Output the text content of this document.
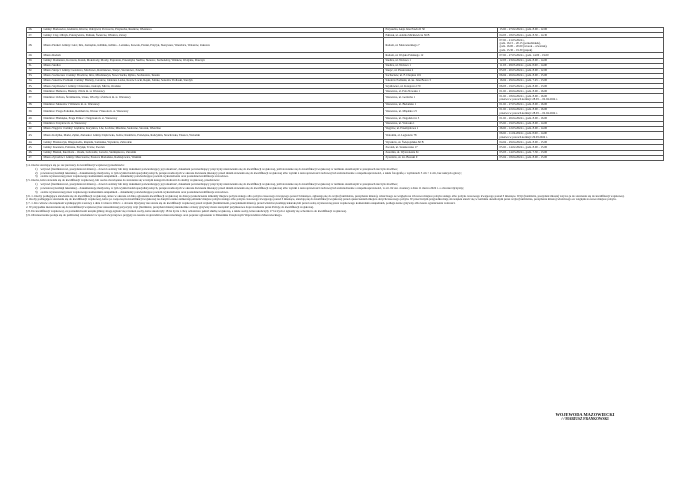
26.	Gminy: Borkowice, Gielniów, Klwów, Odrzywół, Potworów, Przysucha, Rusinów, Wieniawa	Przysucha, Aleja Jana Pawła II 50	15.02 – 27.02.2024 r., godz. 8.00 – 12.00
27.	Gminy: Cisy, Olbryk, Pokrzywnica, Pułtusk, Świercze, Winnica, Zatory	Pułtusk, ul. Adama Mickiewicza 36 B	04.03 – 18.03.2024 r., godz. 8.30 – 14.30
28.	Miasto Pionki i Gminy: Głoć, Iłża, Jastrzębia, Jedlińsk, Jedlnia – Letnisko, Kowala, Pionki, Przytyk, Skaryszew, Wierzbica, Wolanów, Zakrzew	Radom, ul. Mazowieckiego 7	07.02 – 21.03.2024 r.,
godz. 16.15 – 20.15 (poniedziałek),
godz. 16.00 – 20.00 (wtorek – czwartek),
godz. 15.30 – 19.30 (piątek)
29.	Miasto Radom	Radom, ul. Wojska Polskiego 12	07.02 – 27.03.2024 r., godz. 14.00 – 19.00
30.	Gminy: Domanice, Korczew, Kotuń, Mokobody, Mordy, Paprotnia, Przesmyki, Siedlce, Skórzec, Suchożebry, Wiśniew, Wodynie, Zbuczyn	Siedlce, ul. Wołowa 1	12.03 – 23.04.2024 r., godz. 8.00 – 14.00
31.	Miasto Siedlce	Siedlce, ul. Wołowa 1	11.03 – 28.03.2024 r., godz. 8.00 – 14.00
32.	Miasto Sierpc i Gminy: Gozdowo, Mochowo, Rościszewo, Sierpc, Szczutowo, Zawidz	Sierpc, ul. Piastowska 2	05.03 – 20.03.2024 r., godz. 8.00 – 12.00
33.	Miasto Sochaczew i Gminy: Brochów, Iłów, Młodzieszyn, Nowa Sucha, Rybno, Sochaczew, Teresin	Sochaczew, ul. F. Chopina 101	06.04 – 26.04.2024 r., godz. 8.00 – 15.00
34.	Miasto Sokołów Podlaski i Gminy: Bielany, Ceranów, Jabłonna Lacka, Kosów Lacki, Repki, Sabnie, Sokołów Podlaski, Sterdyń	Sokołów Podlaski, ul. ks. Jana Bosco 3	16.04 – 29.04.2024 r., godz. 7.45 – 13.00
35.	Miasto Szydłowiec i Gminy: Chlewiska, Jastrząb, Mirów, Orońsko	Szydłowiec, ul. Kolejowa 170	06.03 – 19.03.2024 r., godz. 8.00 – 13.00
36.	Dzielnice: Bemowo, Bielany i Wola m. st. Warszawy	Warszawa, al. Pola Nowaka 1	01.02 – 26.04.2024 r., godz. 8.00 – 16.00
37.	Dzielnice: Ochota, Śródmieście, Ursus, Włochy i Żoliborz m. st. Warszawy	Warszawa, ul. Gerlacha 1	01.02 – 18.04.2024 r., godz. 8.00 – 16.00
przerwa w pracach komisji: 28.03. – 02.04.2024 r.
38.	Dzielnice: Mokotów i Wilanów m. st. Warszawy	Warszawa, ul. Bielańska 1	01.02 – 27.03.2024 r., godz. 8.00 – 16.00
39.	Dzielnice: Praga-Południe, Rembertów, Wawer i Wesoła m. st. Warszawy	Warszawa, ul. Mlądzka 1/5	01.02 – 22.04.2024 r., godz. 8.00 – 16.00
przerwa w pracach komisji: 28.03. – 02.04.2024 r.
40.	Dzielnice: Białołęka, Praga Północ i Targówek m. st. Warszawy	Warszawa, ul. Nagodziców 3	01.02 – 26.04.2024 r., godz. 8.00 – 16.00
41.	Dzielnica: Ursynów m. st. Warszawy	Warszawa, ul. Wołoska 1	05.02 – 19.03.2024 r., godz. 8.00 – 14.00
42.	Miasto Węgrów i Gminy: Grębków, Korytnica, Liw, Łochów, Miedzna, Sadowne, Stoczek, Wierzbno	Węgrów, ul. Przemysłowa 1	26.02 – 12.03.2024 r., godz. 8.00 – 14.00
43.	Miasto Kobyłka, Marki, Ząbki, Zielonka i Gminy: Dąbrówka, Jadów, Klembów, Poświętne, Radzymin, Strachówka, Tłuszcz, Wołomin	Wołomin, al. Legionów 78	06.02 – 11.04.2024 r., godz. 8.00 – 14.00
przerwa w pracach komisji: 29.03.2024 r.
44.	Gminy: Brańszczyk, Długosiodło, Rząśnik, Somianka, Wyszków, Zabrodzie	Wyszków, ul. Świętojańska 82 B	04.04 – 29.04.2024 r., godz. 8.00 – 15.00
45.	Gminy: Kazanów, Policzna, Przyłęk, Tczów, Zwoleń	Zwoleń, ul. Szankowska 17	05.02 – 14.02.2024 r., godz. 8.00 – 15.00
46.	Gminy: Bieżuń, Kuczbork – Osada, Lubowidz, Lutocin, Siemiątkowo, Żuromin	Żuromin, ul. Wyzwolenia 61	05.03 – 14.03.2024 r., godz. 7.30 – 13.00
47.	Miasto Żyrardów i Gminy: Mszczonów, Puszcza Mariańska, Radziejowice, Wiskitki	Żyrardów, ul. św. Brzeski 9	05.04 – 18.04.2024 r., godz. 8.00 – 15.00

§ 4. Osoba stawiająca się po raz pierwszy do kwalifikacji wojskowej przedstawia:

1) wójtowi (burmistrzowi, prezydentowi miasta) – dowód osobisty lub inny dokument potwierdzający jej tożsamość, dokument potwierdzający przyczyny niestawienia się do kwalifikacji wojskowej, jeśli stawienie się do kwalifikacji wojskowej w terminie określonym w przepisach nie było możliwe;

2) powiatowej komisji lekarskiej – dokumentację medyczną, w tym wyniki badań specjalistycznych, przeprowadzonych w okresie dwunastu miesięcy przed dniem stawienia się do kwalifikacji wojskowej albo wyniki z testu sprawności ruchowej lub zaświadczenie o niepełnosprawności, a także fotografię o wymiarach 3 cm × 4 cm, bez nakrycia głowy;

3) osobie wyznaczonej przez wojskowego komendanta uzupełnień – dokumenty potwierdzające poziom wykształcenia oraz posiadane kwalifikacje zawodowe.

§ 5. Osoba, która stawiała się do kwalifikacji wojskowej, lub osoba obowiązana do stawienia się w innym kategorii zdolności do służby wojskowej, przedstawia:

1) wójtowi (burmistrzowi, prezydentowi miasta) – dowód osobisty lub inny dokument potwierdzający jej tożsamość, dokument potwierdzający przyczyny niestawienia się do kwalifikacji wojskowej, jeśli stawienie się do kwalifikacji wojskowej w terminie określonym w przepisach nie było możliwe;

2) powiatowej komisji lekarskiej – dokumentację medyczną, w tym wyniki badań specjalistycznych, przeprowadzonych w okresie dwunastu miesięcy przed dniem stawienia się do kwalifikacji wojskowej albo wyniki z testu sprawności ruchowej lub zaświadczenie o niepełnosprawności, w art. 62 ust. 4 ustawy z dnia 11 marca 2022 r. o obronie Ojczyzny;

3) osobie wyznaczonej przez wojskowego komendanta uzupełnień – dokumenty potwierdzające poziom wykształcenia oraz posiadane kwalifikacje zawodowe.

§ 6. 1. Osoby podlegające stawieniu się do kwalifikacji wojskowej, które w okresie od dnia ogłoszenia kwalifikacji wojskowej do dnia jej zakończenia zmieniły miejsce pobytu stałego albo pobytu czasowego trwającego ponad 3 miesiące, zgłaszają się do wójta (burmistrza, prezydenta miasta), właściwego ze względu na ich nowe miejsce pobytu stałego albo pobytu czasowego trwającego ponad 3 miesiące. Wójt (burmistrz, prezydent miasta) wzywa je do stawienia się do kwalifikacji wojskowej.

2. Osoby podlegające stawieniu się do kwalifikacji wojskowej, które po rozpoczęciu kwalifikacji wojskowej na danym terenie zamierzają zmienić miejsce pobytu stałego albo pobytu czasowego trwającego ponad 3 miesiące, stawiają się do kwalifikacji wojskowej przed opuszczeniem miejsca dotychczasowego pobytu. W przeciwnym przypadku mają obowiązek stawić się w terminie określonym przez wójta (burmistrza, prezydenta miasta) właściwego ze względu na nowe miejsce pobytu.

§ 7. 1. Kto wbrew obowiązkom wynikającym z ustawy z dnia 11 marca 2022 r. o obronie Ojczyzny nie stawia się do kwalifikacji wojskowej przed wójtem (burmistrzem, prezydentem miasta), przed właściwą komisją lekarską lub przed osobą wyznaczoną przez wojskowego komendanta uzupełnień, podlega karze grzywny albo karze ograniczenia wolności.

2. W przypadku niestawienia się do kwalifikacji wojskowej bez uzasadnionej przyczyny wójt (burmistrz, prezydent miasta) niezależnie od kary grzywny może zarządzić przymusowe doprowadzenie przez Policję do kwalifikacji wojskowej.

§ 8. Do kwalifikacji wojskowej, za pośrednictwem urzędu gminy, mogą zgłosić się również osoby, które ukończyły 18 lat życia i chcą ochotniczo pełnić służbę wojskową, a także osoby, które ukończyły 17 lat życia i zgłosiły się ochotniczo do kwalifikacji wojskowej.

§ 9. Obwieszczenie podaje się do publicznej wiadomości w sposób zwyczajowo przyjęty na terenie województwa mazowieckiego oraz poprzez ogłoszenie w Dzienniku Urzędowym Województwa Mazowieckiego.

WOJEWODA MAZOWIECKI
/-/ MARIUSZ FRANKOWSKI
